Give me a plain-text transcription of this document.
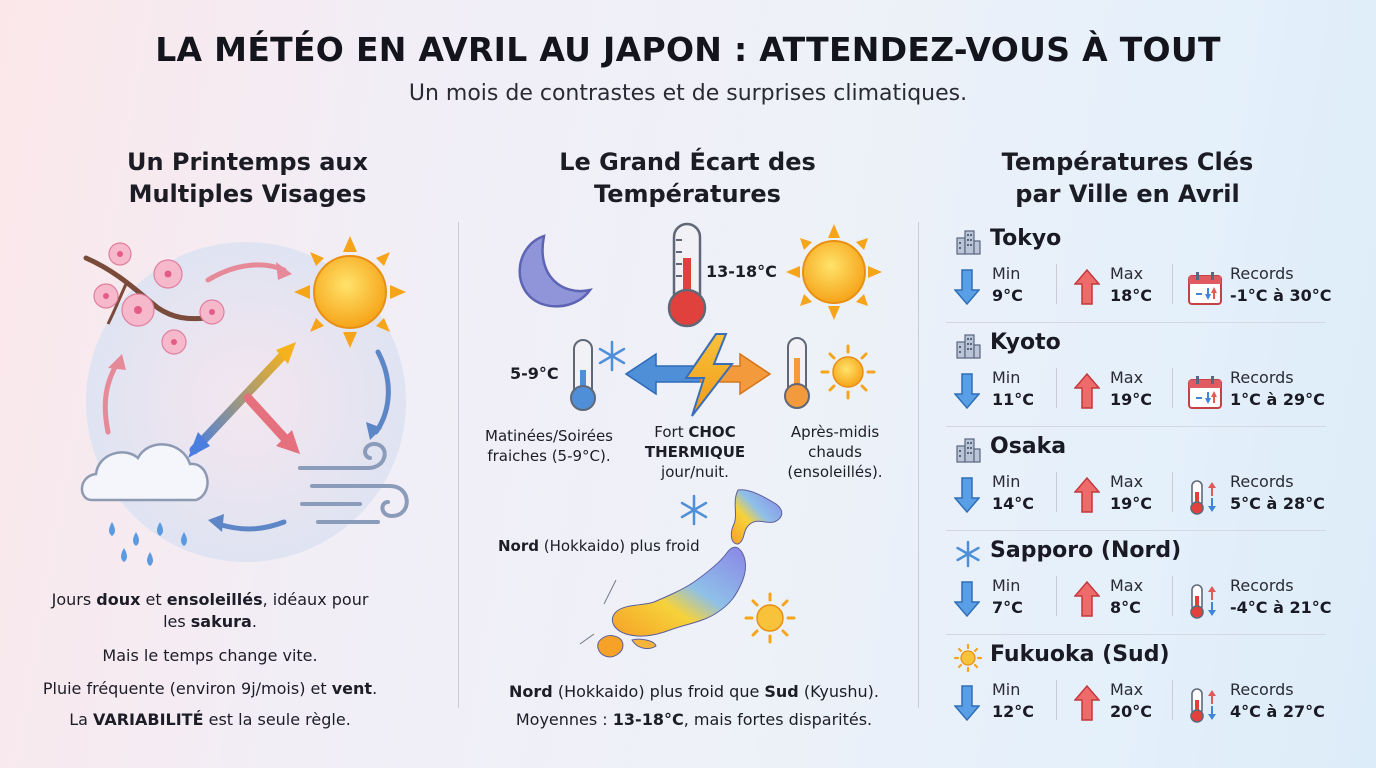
LA MÉTÉO EN AVRIL AU JAPON : ATTENDEZ-VOUS À TOUT
Un mois de contrastes et de surprises climatiques.
Un Printemps aux
Multiples Visages
Jours doux et ensoleillés, idéaux pour
les sakura.
Mais le temps change vite.
Pluie fréquente (environ 9j/mois) et vent.
La VARIABILITÉ est la seule règle.
Le Grand Écart des
Températures
13-18°C
5-9°C
Matinées/Soirées
fraiches (5-9°C).
Fort CHOC
THERMIQUE
jour/nuit.
Après-midis
chauds
(ensoleillés).
Nord (Hokkaido) plus froid
Nord (Hokkaido) plus froid que Sud (Kyushu).
Moyennes : 13-18°C, mais fortes disparités.
Températures Clés
par Ville en Avril
Tokyo
Min
9°C
Max
18°C
Records
-1°C à 30°C
Kyoto
Min
11°C
Max
19°C
Records
1°C à 29°C
Osaka
Min
14°C
Max
19°C
Records
5°C à 28°C
Sapporo (Nord)
Min
7°C
Max
8°C
Records
-4°C à 21°C
Fukuoka (Sud)
Min
12°C
Max
20°C
Records
4°C à 27°C
